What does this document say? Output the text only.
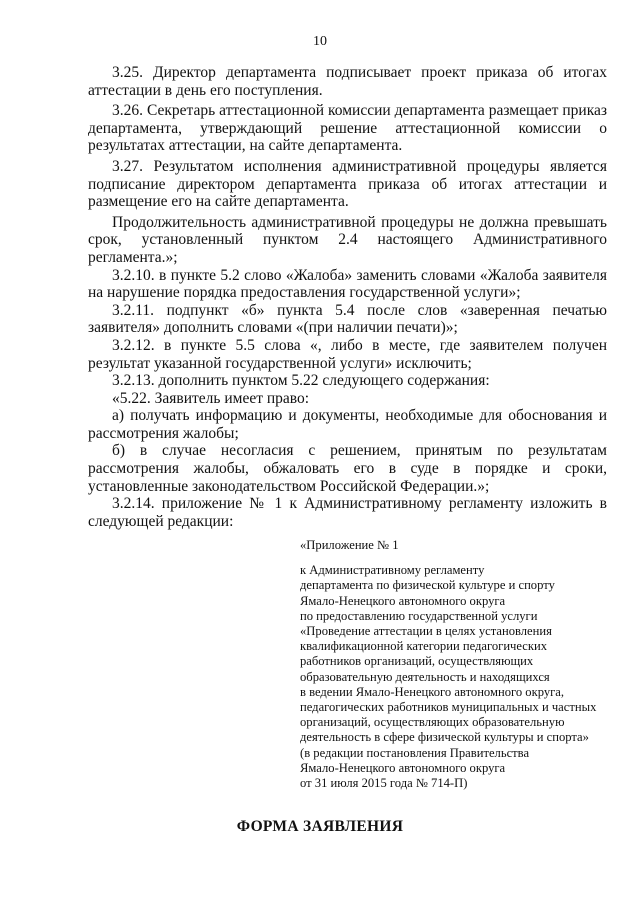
10

3.25. Директор департамента подписывает проект приказа об итогах аттестации в день его поступления.

3.26. Секретарь аттестационной комиссии департамента размещает приказ департамента, утверждающий решение аттестационной комиссии о результатах аттестации, на сайте департамента.

3.27. Результатом исполнения административной процедуры является подписание директором департамента приказа об итогах аттестации и размещение его на сайте департамента.

Продолжительность административной процедуры не должна превышать срок, установленный пунктом 2.4 настоящего Административного регламента.»;

3.2.10. в пункте 5.2 слово «Жалоба» заменить словами «Жалоба заявителя на нарушение порядка предоставления государственной услуги»;

3.2.11. подпункт «б» пункта 5.4 после слов «заверенная печатью заявителя» дополнить словами «(при наличии печати)»;

3.2.12. в пункте 5.5 слова «, либо в месте, где заявителем получен результат указанной государственной услуги» исключить;

3.2.13. дополнить пунктом 5.22 следующего содержания:

«5.22. Заявитель имеет право:

а) получать информацию и документы, необходимые для обоснования и рассмотрения жалобы;

б) в случае несогласия с решением, принятым по результатам рассмотрения жалобы, обжаловать его в суде в порядке и сроки, установленные законодательством Российской Федерации.»;

3.2.14. приложение № 1 к Административному регламенту изложить в следующей редакции:

«Приложение № 1
к Административному регламенту
департамента по физической культуре и спорту
Ямало-Ненецкого автономного округа
по предоставлению государственной услуги
«Проведение аттестации в целях установления
квалификационной категории педагогических
работников организаций, осуществляющих
образовательную деятельность и находящихся
в ведении Ямало-Ненецкого автономного округа,
педагогических работников муниципальных и частных
организаций, осуществляющих образовательную
деятельность в сфере физической культуры и спорта»
(в редакции постановления Правительства
Ямало-Ненецкого автономного округа
от 31 июля 2015 года № 714-П)
ФОРМА ЗАЯВЛЕНИЯ
